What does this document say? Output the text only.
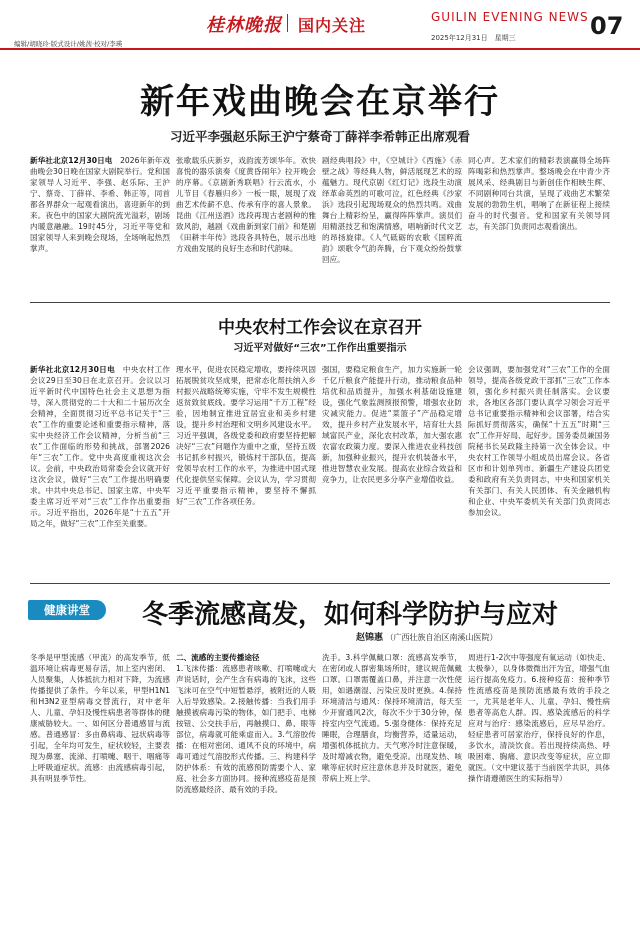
桂林晚报 国内关注	GUILIN EVENING NEWS
2025年12月31日　星期三	07
编辑/胡晓玲·版式设计/姚茜·校对/李瑛
新年戏曲晚会在京举行
习近平李强赵乐际王沪宁蔡奇丁薛祥李希韩正出席观看
新华社北京12月30日电　2026年新年戏曲晚会30日晚在国家大剧院举行。党和国家领导人习近平、李强、赵乐际、王沪宁、蔡奇、丁薛祥、李希、韩正等，同首都各界群众一起观看演出，喜迎新年的到来。夜色中的国家大剧院流光溢彩，剧场内暖意融融。19时45分，习近平等党和国家领导人来到晚会现场，全场响起热烈掌声。
张歌载乐庆新岁，戏韵流芳颂华年。欢快喜悦的器乐演奏《度黄昏闹年》拉开晚会的序幕。《京剧新秀联唱》行云流水，小儿节目《春雁归乡》一板一眼，展现了戏曲艺术传薪不息、传承有序的喜人景象。昆曲《江州送酒》选段再现古老剧种的雅致风韵，越剧《戏曲新到家门前》和楚剧《田耕丰年传》选段各具特色，展示出地方戏曲发展的良好生态和时代韵味。
剧经典唱段》中，《空城计》《西施》《赤壁之战》等经典人物，鲜活展现艺术的琼蕴魅力。现代京剧《红灯记》选段生动演绎革命英烈的可歌可泣，红色经典《沙家浜》选段引起现场观众的热烈共鸣。戏曲舞台上精彩纷呈，赢得阵阵掌声。演员们用精湛技艺和饱满情感，唱响新时代文艺的昂扬旋律。《人气砥砺的农歌《国粹流韵》颂歌令气韵奔腾，台下观众纷纷鼓掌回应。
同心声。艺术家们的精彩表演赢得全场阵阵喝彩和热烈掌声。整场晚会在中青少齐展风采、经典剧目与新创佳作相映生辉、不同剧种同台共演，呈现了戏曲艺术繁荣发展的勃勃生机，唱响了在新征程上接续奋斗的时代强音。党和国家有关领导同志，有关部门负责同志观看演出。
中央农村工作会议在京召开
习近平对做好“三农”工作作出重要指示
新华社北京12月30日电　中央农村工作会议29日至30日在北京召开。会议以习近平新时代中国特色社会主义思想为指导，深入贯彻党的二十大和二十届历次全会精神，全面贯彻习近平总书记关于“三农”工作的重要论述和重要指示精神，落实中央经济工作会议精神，分析当前“三农”工作面临的形势和挑战，部署2026年“三农”工作。党中央高度重视这次会议。会前，中央政治局常委会会议就开好这次会议，做好“三农”工作提出明确要求。中共中央总书记、国家主席、中央军委主席习近平对“三农”工作作出重要指示。习近平指出，2026年是“十五五”开局之年，做好“三农”工作至关重要。
理水平，促进农民稳定增收，要持续巩固拓展脱贫攻坚成果，把常态化帮扶纳入乡村振兴战略统筹实施，守牢不发生规模性返贫致贫底线。要学习运用“千万工程”经验，因地制宜推进宜居宜业和美乡村建设，提升乡村治理和文明乡风建设水平。习近平强调，各级党委和政府要坚持把解决好“三农”问题作为重中之重，坚持五级书记抓乡村振兴，锻炼村干部队伍，提高党领导农村工作的水平，为推进中国式现代化提供坚实保障。会议认为，学习贯彻习近平重要指示精神，要坚持不懈抓好“三农”工作各项任务。
强国，要稳定粮食生产，加力实施新一轮千亿斤粮食产能提升行动，推动粮食品种培优和品质提升，加强水利基础设施建设，强化气象监测预报预警，增强农业防灾减灾能力。促进“菜篮子”产品稳定增效，提升乡村产业发展水平，培育壮大县域富民产业，深化农村改革，加大强农惠农富农政策力度。要深入推进农业科技创新，加强种业振兴，提升农机装备水平，推进智慧农业发展。提高农业综合效益和竞争力，让农民更多分享产业增值收益。
会议强调，要加强党对“三农”工作的全面领导，提高各级党政干部抓“三农”工作本领，强化乡村振兴责任制落实。会议要求，各地区各部门要认真学习领会习近平总书记重要指示精神和会议部署，结合实际抓好贯彻落实，确保“十五五”时期“三农”工作开好局、起好步。国务委员兼国务院秘书长吴政隆主持第一次全体会议。中央农村工作领导小组成员出席会议。各省区市和计划单列市、新疆生产建设兵团党委和政府有关负责同志，中央和国家机关有关部门、有关人民团体、有关金融机构和企业、中央军委机关有关部门负责同志参加会议。
健康讲堂	冬季流感高发，如何科学防护与应对
赵锦惠 （广西壮族自治区南溪山医院）
冬季是甲型流感（甲流）的高发季节，低温环境让病毒更易存活，加上室内密闭、人员聚集，人体抵抗力相对下降，为流感传播提供了条件。今年以来，甲型H1N1和H3N2亚型病毒交替流行，对中老年人、儿童、孕妇及慢性病患者等群体的健康威胁较大。一、如何区分普通感冒与流感。普通感冒：多由鼻病毒、冠状病毒等引起，全年均可发生，症状较轻，主要表现为鼻塞、流涕、打喷嚏、咽干、咽痛等上呼吸道症状。流感：由流感病毒引起，具有明显季节性。
二、流感的主要传播途径
1.飞沫传播：流感患者咳嗽、打喷嚏或大声说话时，会产生含有病毒的飞沫，这些飞沫可在空气中短暂悬浮，被附近的人吸入后导致感染。2.接触传播：当我们用手触摸被病毒污染的物体，如门把手、电梯按钮、公交扶手后，再触摸口、鼻、眼等部位，病毒就可能乘虚而入。3.气溶胶传播：在相对密闭、通风不良的环境中，病毒可通过气溶胶形式传播。三、构建科学防护体系：有效的流感预防需要个人、家庭、社会多方面协同。接种流感疫苗是预防流感最经济、最有效的手段。
洗手。3.科学佩戴口罩：流感高发季节，在密闭或人群密集场所时，建议规范佩戴口罩。口罩需覆盖口鼻，并注意一次性使用，如遇潮湿、污染应及时更换。4.保持环境清洁与通风：保持环境清洁，每天至少开窗通风2次，每次不少于30分钟，保持室内空气流通。5.强身健体：保持充足睡眠，合理膳食，均衡营养，适量运动，增强机体抵抗力。天气寒冷时注意保暖，及时增减衣物，避免受凉。出现发热、咳嗽等症状时应注意休息并及时就医，避免带病上班上学。
周进行1-2次中等强度有氧运动（如快走、太极拳），以身体微微出汗为宜，增强气血运行提高免疫力。6.接种疫苗：接种季节性流感疫苗是预防流感最有效的手段之一，尤其是老年人、儿童、孕妇、慢性病患者等高危人群。四、感染流感后的科学应对与治疗：感染流感后，应尽早治疗。轻症患者可居家治疗，保持良好的作息，多饮水，清淡饮食。若出现持续高热、呼吸困难、胸痛、意识改变等症状，应立即就医。（文中建议基于当前医学共识，具体操作请遵循医生的实际指导）
